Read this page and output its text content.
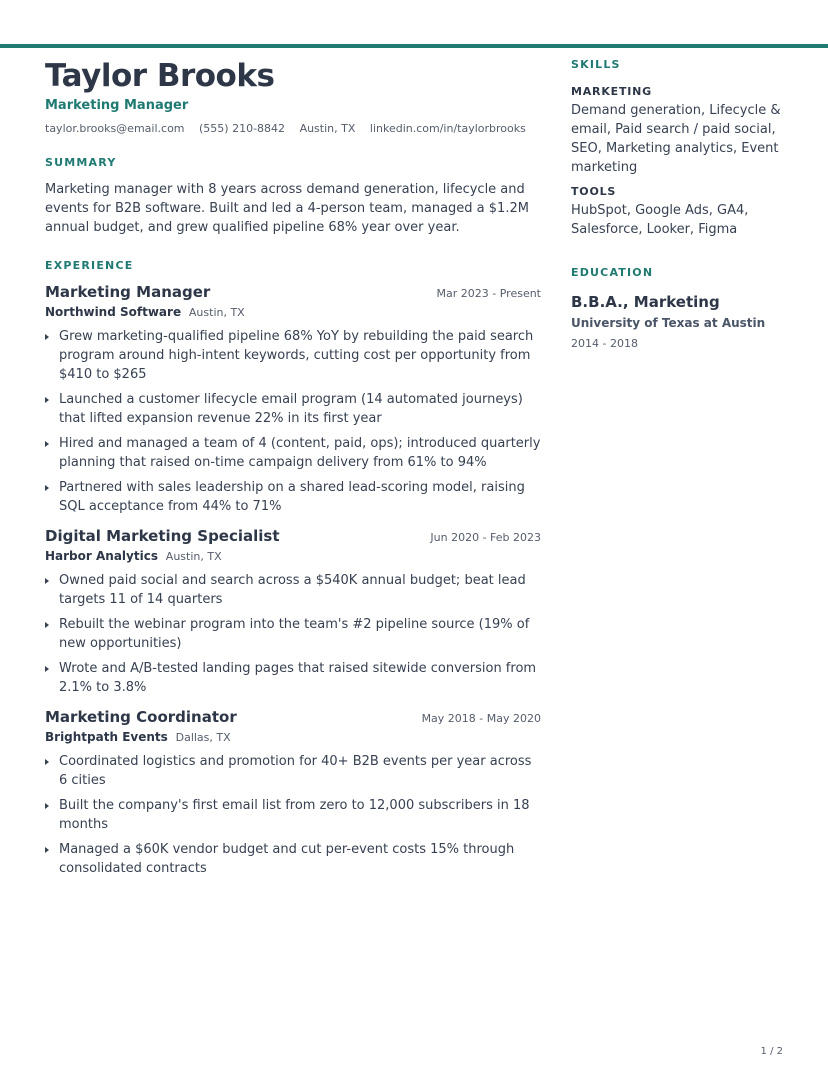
Taylor Brooks
Marketing Manager
taylor.brooks@email.com (555) 210-8842 Austin, TX linkedin.com/in/taylorbrooks
SUMMARY
Marketing manager with 8 years across demand generation, lifecycle and events for B2B software. Built and led a 4-person team, managed a $1.2M annual budget, and grew qualified pipeline 68% year over year.
EXPERIENCE
Marketing Manager	Mar 2023 - Present
Northwind Software Austin, TX
Grew marketing-qualified pipeline 68% YoY by rebuilding the paid search program around high-intent keywords, cutting cost per opportunity from $410 to $265
Launched a customer lifecycle email program (14 automated journeys) that lifted expansion revenue 22% in its first year
Hired and managed a team of 4 (content, paid, ops); introduced quarterly planning that raised on-time campaign delivery from 61% to 94%
Partnered with sales leadership on a shared lead-scoring model, raising SQL acceptance from 44% to 71%
Digital Marketing Specialist	Jun 2020 - Feb 2023
Harbor Analytics Austin, TX
Owned paid social and search across a $540K annual budget; beat lead targets 11 of 14 quarters
Rebuilt the webinar program into the team's #2 pipeline source (19% of new opportunities)
Wrote and A/B-tested landing pages that raised sitewide conversion from 2.1% to 3.8%
Marketing Coordinator	May 2018 - May 2020
Brightpath Events Dallas, TX
Coordinated logistics and promotion for 40+ B2B events per year across 6 cities
Built the company's first email list from zero to 12,000 subscribers in 18 months
Managed a $60K vendor budget and cut per-event costs 15% through consolidated contracts
SKILLS
MARKETING
Demand generation, Lifecycle & email, Paid search / paid social, SEO, Marketing analytics, Event marketing
TOOLS
HubSpot, Google Ads, GA4, Salesforce, Looker, Figma
EDUCATION
B.B.A., Marketing
University of Texas at Austin
2014 - 2018
1 / 2
